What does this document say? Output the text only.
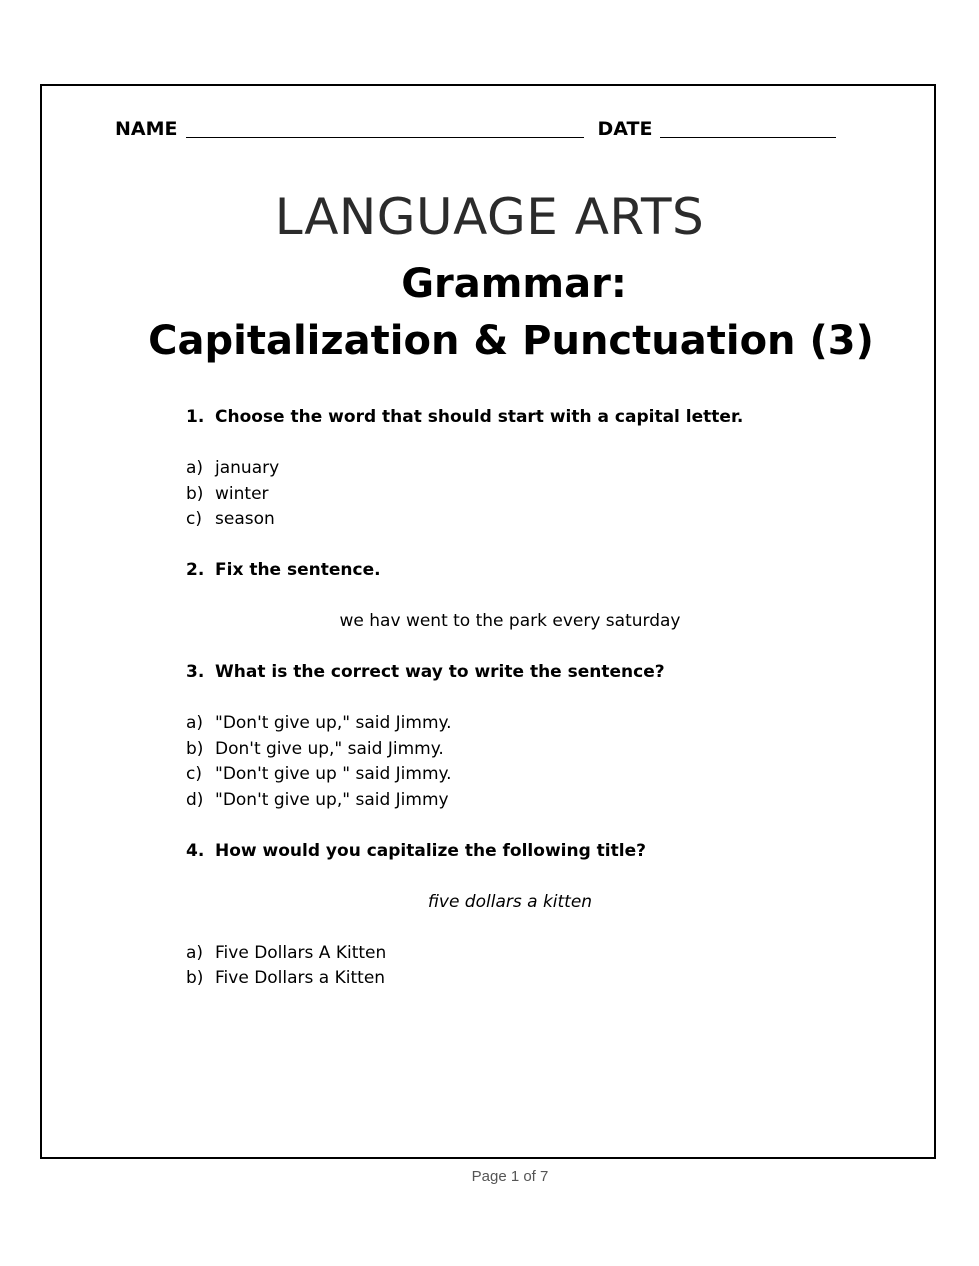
NAME	DATE
LANGUAGE ARTS
Grammar:
Capitalization & Punctuation (3)
1. Choose the word that should start with a capital letter.
a) january
b) winter
c) season
2. Fix the sentence.
we hav went to the park every saturday
3. What is the correct way to write the sentence?
a) "Don't give up," said Jimmy.
b) Don't give up," said Jimmy.
c) "Don't give up " said Jimmy.
d) "Don't give up," said Jimmy
4. How would you capitalize the following title?
five dollars a kitten
a) Five Dollars A Kitten
b) Five Dollars a Kitten
Page 1 of 7
